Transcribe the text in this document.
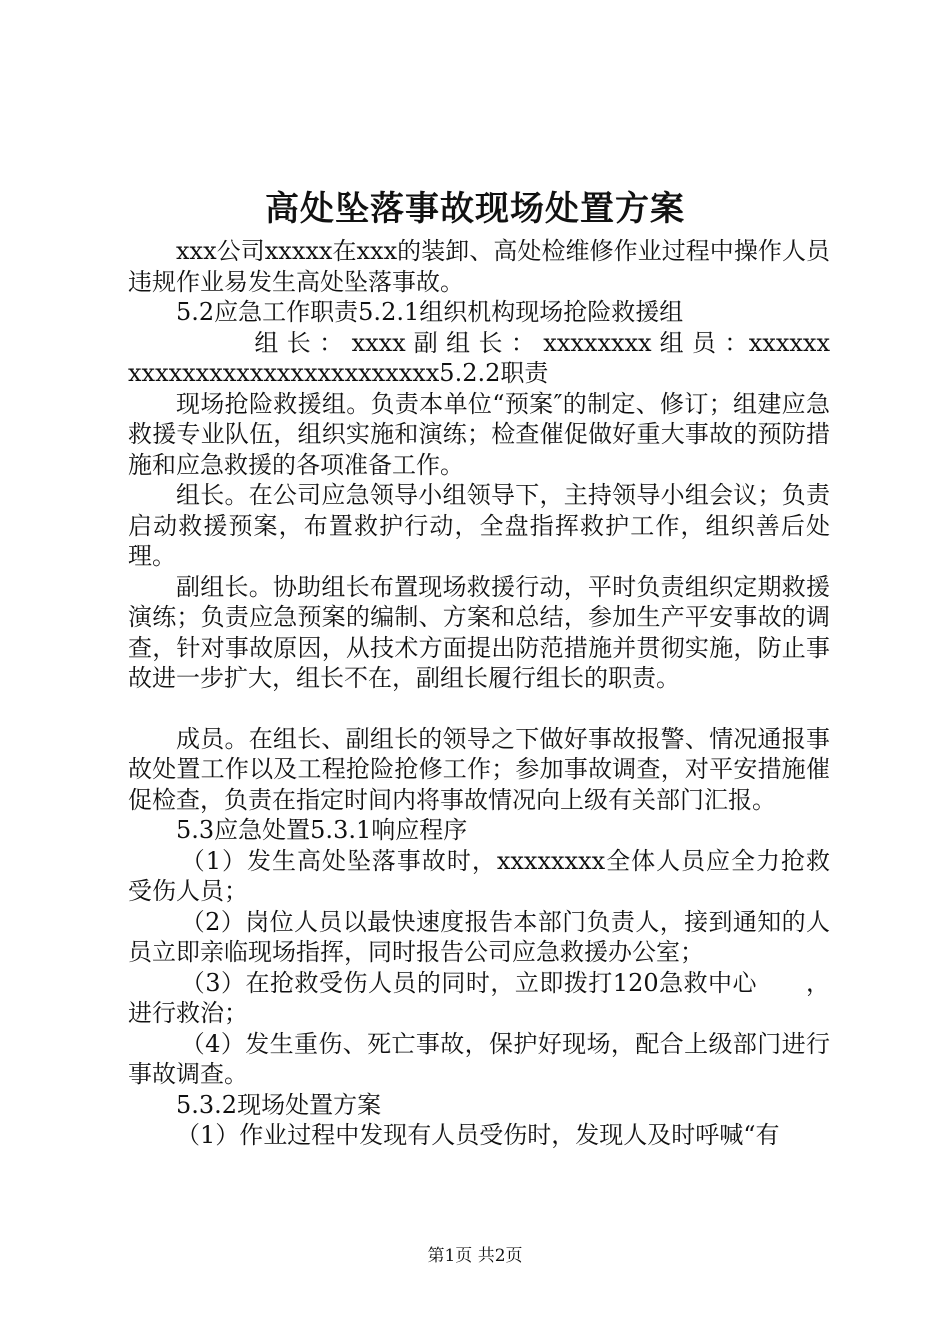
高处坠落事故现场处置方案

xxx公司xxxxx在xxx的装卸、高处检维修作业过程中操作人员违规作业易发生高处坠落事故。

5.2应急工作职责5.2.1组织机构现场抢险救援组

组 长 ： xxxx 副 组 长 ： xxxxxxxx 组 员 ：xxxxxxxxxxxxxxxxxxxxxxxxxxxxx5.2.2职责

现场抢险救援组。负责本单位“预案″的制定、修订；组建应急救援专业队伍，组织实施和演练；检查催促做好重大事故的预防措施和应急救援的各项准备工作。

组长。在公司应急领导小组领导下，主持领导小组会议；负责启动救援预案，布置救护行动，全盘指挥救护工作，组织善后处理。

副组长。协助组长布置现场救援行动，平时负责组织定期救援演练；负责应急预案的编制、方案和总结，参加生产平安事故的调查，针对事故原因，从技术方面提出防范措施并贯彻实施，防止事故进一步扩大，组长不在，副组长履行组长的职责。

成员。在组长、副组长的领导之下做好事故报警、情况通报事故处置工作以及工程抢险抢修工作；参加事故调查，对平安措施催促检查，负责在指定时间内将事故情况向上级有关部门汇报。

5.3应急处置5.3.1响应程序

（1）发生高处坠落事故时，xxxxxxxx全体人员应全力抢救受伤人员；

（2）岗位人员以最快速度报告本部门负责人，接到通知的人员立即亲临现场指挥，同时报告公司应急救援办公室；

（3）在抢救受伤人员的同时，立即拨打120急救中心　　，进行救治；

（4）发生重伤、死亡事故，保护好现场，配合上级部门进行事故调查。

5.3.2现场处置方案

（1）作业过程中发现有人员受伤时，发现人及时呼喊“有

第1页 共2页
